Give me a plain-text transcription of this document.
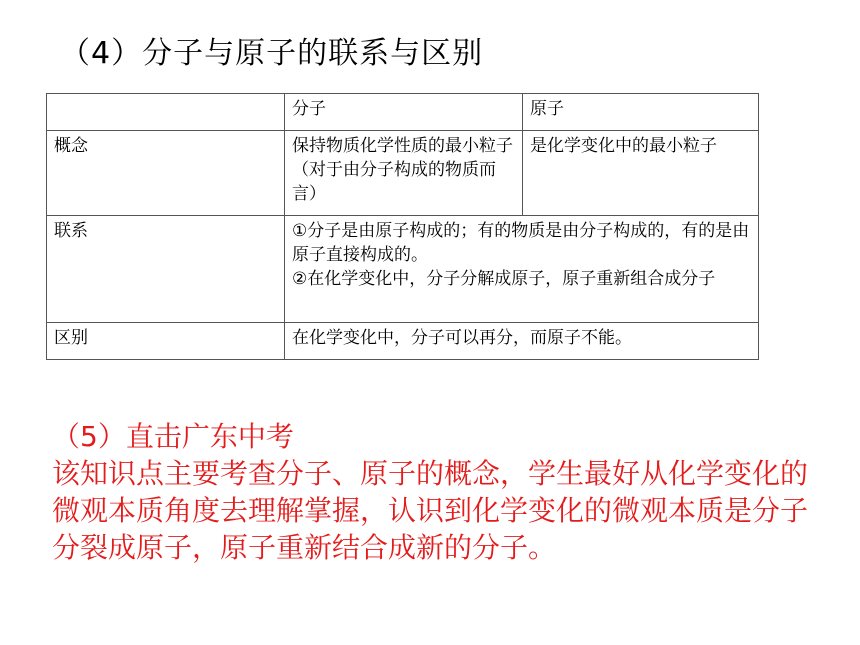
（4）分子与原子的联系与区别
	分子	原子
概念	保持物质化学性质的最小粒子（对于由分子构成的物质而言）	是化学变化中的最小粒子
联系	①分子是由原子构成的；有的物质是由分子构成的，有的是由原子直接构成的。
②在化学变化中，分子分解成原子，原子重新组合成分子	

区别	在化学变化中，分子可以再分，而原子不能。	
（5）直击广东中考
该知识点主要考查分子、原子的概念，学生最好从化学变化的微观本质角度去理解掌握，认识到化学变化的微观本质是分子分裂成原子，原子重新结合成新的分子。
